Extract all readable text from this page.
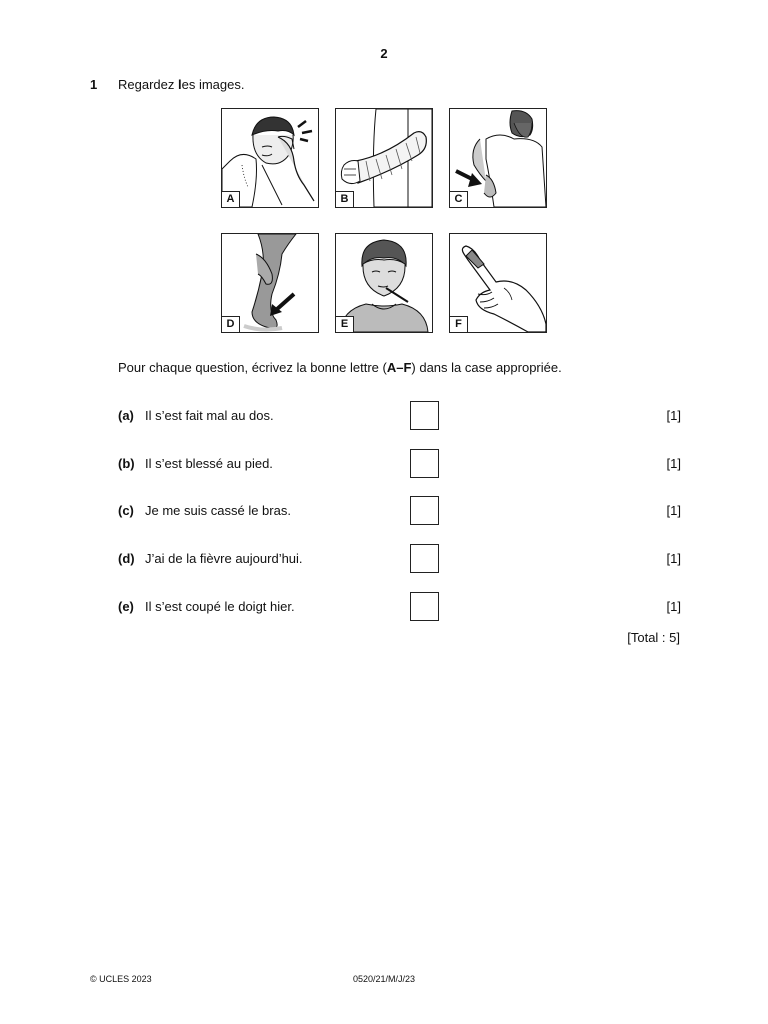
2
1 Regardez les images.
A	B	C
D	E	F
Pour chaque question, écrivez la bonne lettre (A–F) dans la case appropriée.
(a) Il s’est fait mal au dos.	[1]
(b) Il s’est blessé au pied.	[1]
(c) Je me suis cassé le bras.	[1]
(d) J’ai de la fièvre aujourd’hui.	[1]
(e) Il s’est coupé le doigt hier.	[1]
[Total : 5]
© UCLES 2023	0520/21/M/J/23
